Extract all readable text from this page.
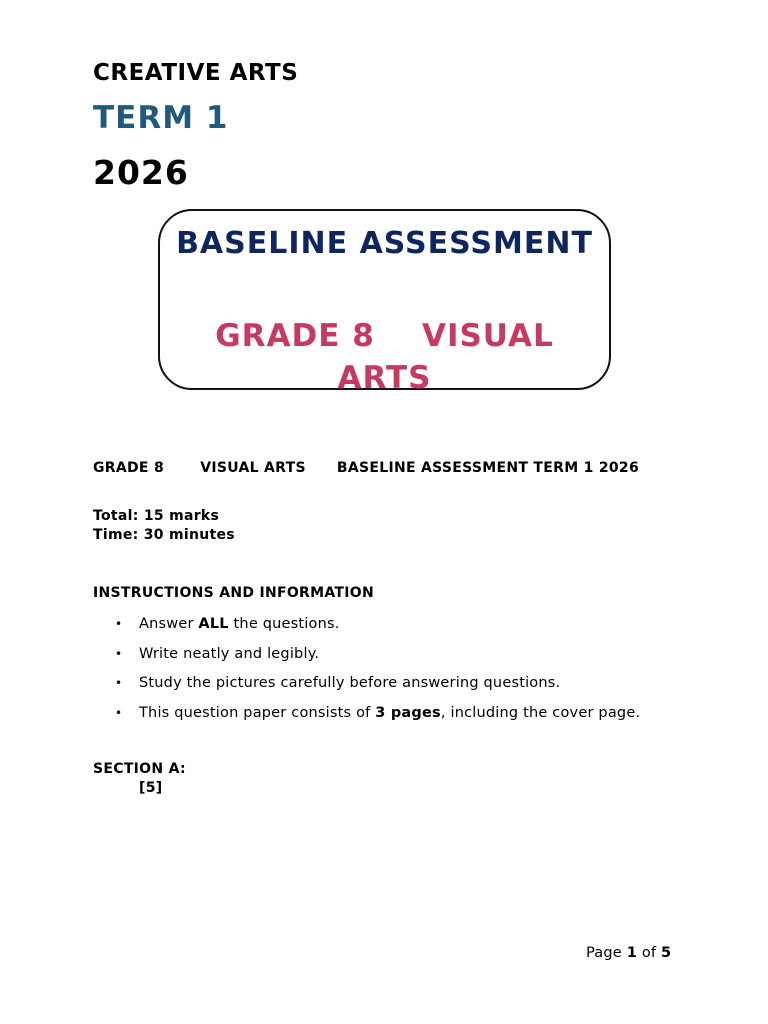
CREATIVE ARTS
TERM 1
2026
BASELINE ASSESSMENT
GRADE 8    VISUAL ARTS
GRADE 8       VISUAL ARTS      BASELINE ASSESSMENT TERM 1 2026
Total: 15 marks
Time: 30 minutes
INSTRUCTIONS AND INFORMATION
• Answer ALL the questions.
• Write neatly and legibly.
• Study the pictures carefully before answering questions.
• This question paper consists of 3 pages, including the cover page.
SECTION A:
[5]
Page 1 of 5
